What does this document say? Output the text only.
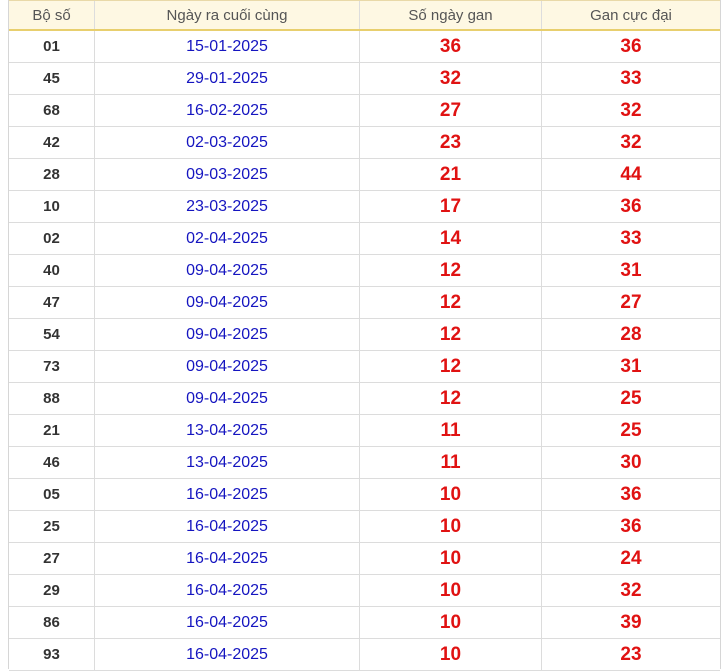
Bộ số	Ngày ra cuối cùng	Số ngày gan	Gan cực đại
01	15-01-2025	36	36
45	29-01-2025	32	33
68	16-02-2025	27	32
42	02-03-2025	23	32
28	09-03-2025	21	44
10	23-03-2025	17	36
02	02-04-2025	14	33
40	09-04-2025	12	31
47	09-04-2025	12	27
54	09-04-2025	12	28
73	09-04-2025	12	31
88	09-04-2025	12	25
21	13-04-2025	11	25
46	13-04-2025	11	30
05	16-04-2025	10	36
25	16-04-2025	10	36
27	16-04-2025	10	24
29	16-04-2025	10	32
86	16-04-2025	10	39
93	16-04-2025	10	23
